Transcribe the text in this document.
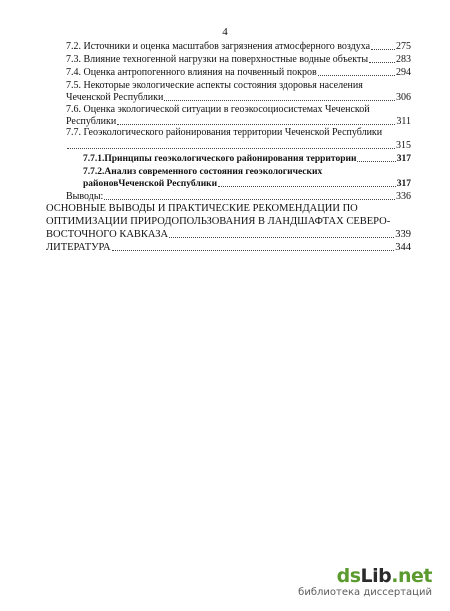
4
7.2. Источники и оценка масштабов загрязнения атмосферного воздуха	275
7.3. Влияние техногенной нагрузки на поверхностные водные объекты	283
7.4. Оценка антропогенного влияния на почвенный покров	294
7.5. Некоторые экологические аспекты состояния здоровья населения
Чеченской Республики	306
7.6. Оценка экологической ситуации в геоэкосоциосистемах Чеченской
Республики	311
7.7. Геоэкологического районирования территории Чеченской Республики
315
7.7.1.Принципы геоэкологического районирования территории	317
7.7.2.Анализ современного состояния геоэкологических
районовЧеченской Республики	317
Выводы:	336
ОСНОВНЫЕ ВЫВОДЫ И ПРАКТИЧЕСКИЕ РЕКОМЕНДАЦИИ ПО
ОПТИМИЗАЦИИ ПРИРОДОПОЛЬЗОВАНИЯ В ЛАНДШАФТАХ СЕВЕРО-
ВОСТОЧНОГО КАВКАЗА	339
ЛИТЕРАТУРА	344
dsLib.net
библиотека диссертаций
